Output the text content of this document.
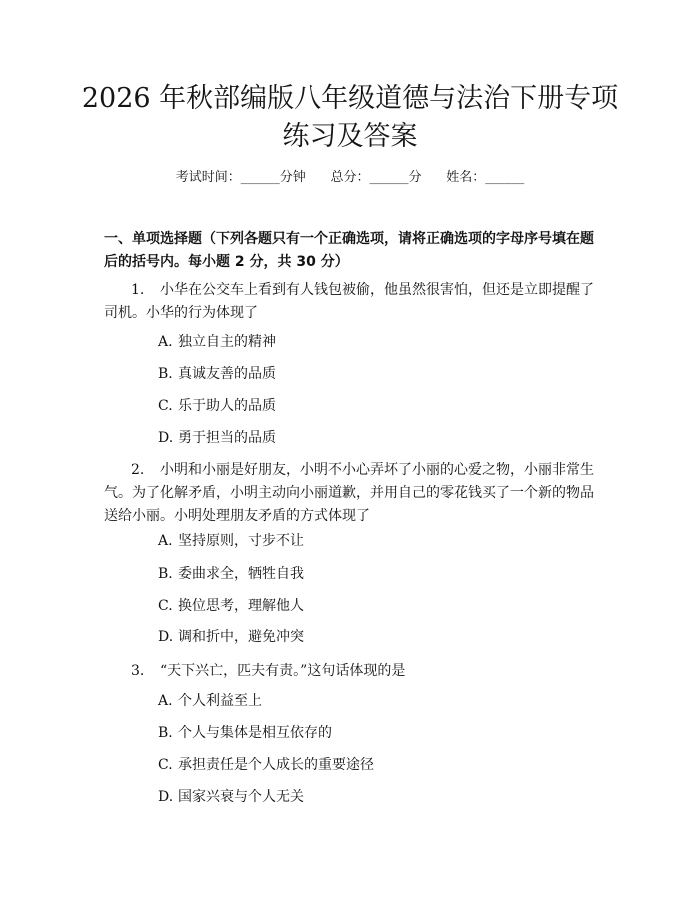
2026 年秋部编版八年级道德与法治下册专项
练习及答案
考试时间：______分钟      总分：______分      姓名：______
一、单项选择题（下列各题只有一个正确选项，请将正确选项的字母序号填在题后的括号内。每小题 2 分，共 30 分）
1. 小华在公交车上看到有人钱包被偷，他虽然很害怕，但还是立即提醒了司机。小华的行为体现了
A. 独立自主的精神
B. 真诚友善的品质
C. 乐于助人的品质
D. 勇于担当的品质
2. 小明和小丽是好朋友，小明不小心弄坏了小丽的心爱之物，小丽非常生气。为了化解矛盾，小明主动向小丽道歉，并用自己的零花钱买了一个新的物品送给小丽。小明处理朋友矛盾的方式体现了
A. 坚持原则，寸步不让
B. 委曲求全，牺牲自我
C. 换位思考，理解他人
D. 调和折中，避免冲突
3. “天下兴亡，匹夫有责。”这句话体现的是
A. 个人利益至上
B. 个人与集体是相互依存的
C. 承担责任是个人成长的重要途径
D. 国家兴衰与个人无关
